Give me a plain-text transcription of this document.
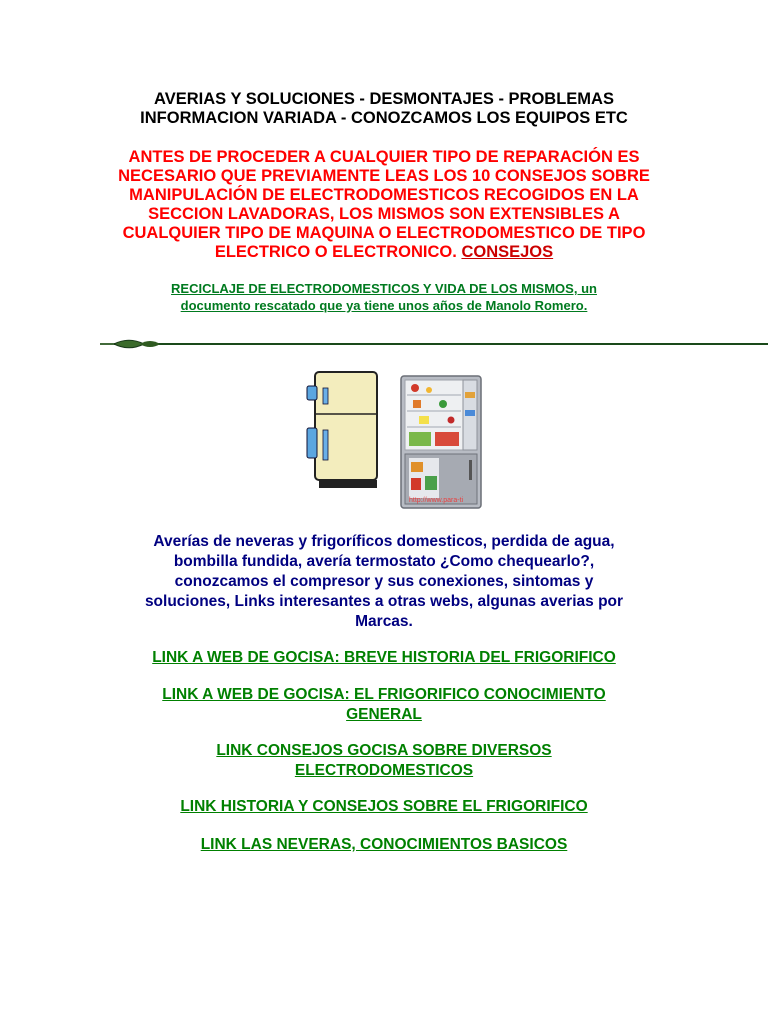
AVERIAS Y SOLUCIONES - DESMONTAJES - PROBLEMAS
INFORMACION VARIADA - CONOZCAMOS LOS EQUIPOS ETC
ANTES DE PROCEDER A CUALQUIER TIPO DE REPARACIÓN ES
NECESARIO QUE PREVIAMENTE LEAS LOS 10 CONSEJOS SOBRE
MANIPULACIÓN DE ELECTRODOMESTICOS RECOGIDOS EN LA
SECCION LAVADORAS, LOS MISMOS SON EXTENSIBLES A
CUALQUIER TIPO DE MAQUINA O ELECTRODOMESTICO DE TIPO
ELECTRICO O ELECTRONICO. CONSEJOS
RECICLAJE DE ELECTRODOMESTICOS Y VIDA DE LOS MISMOS, un
documento rescatado que ya tiene unos años de Manolo Romero.
http://www.para-ti
Averías de neveras y frigoríficos domesticos, perdida de agua,
bombilla fundida, avería termostato ¿Como chequearlo?,
conozcamos el compresor y sus conexiones, sintomas y
soluciones, Links interesantes a otras webs, algunas averias por
Marcas.
LINK A WEB DE GOCISA: BREVE HISTORIA DEL FRIGORIFICO
LINK A WEB DE GOCISA: EL FRIGORIFICO CONOCIMIENTO
GENERAL
LINK CONSEJOS GOCISA SOBRE DIVERSOS
ELECTRODOMESTICOS
LINK HISTORIA Y CONSEJOS SOBRE EL FRIGORIFICO
LINK LAS NEVERAS, CONOCIMIENTOS BASICOS
